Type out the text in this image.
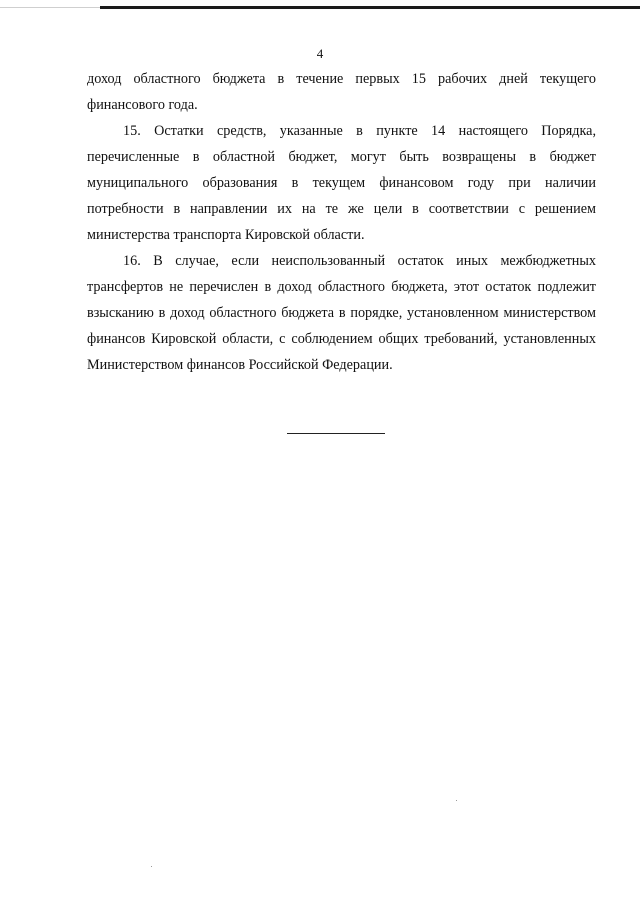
4

доход областного бюджета в течение первых 15 рабочих дней текущего финансового года.

15. Остатки средств, указанные в пункте 14 настоящего Порядка, перечисленные в областной бюджет, могут быть возвращены в бюджет муниципального образования в текущем финансовом году при наличии потребности в направлении их на те же цели в соответствии с решением министерства транспорта Кировской области.

16. В случае, если неиспользованный остаток иных межбюджетных трансфертов не перечислен в доход областного бюджета, этот остаток подлежит взысканию в доход областного бюджета в порядке, установленном министерством финансов Кировской области, с соблюдением общих требований, установленных Министерством финансов Российской Федерации.
